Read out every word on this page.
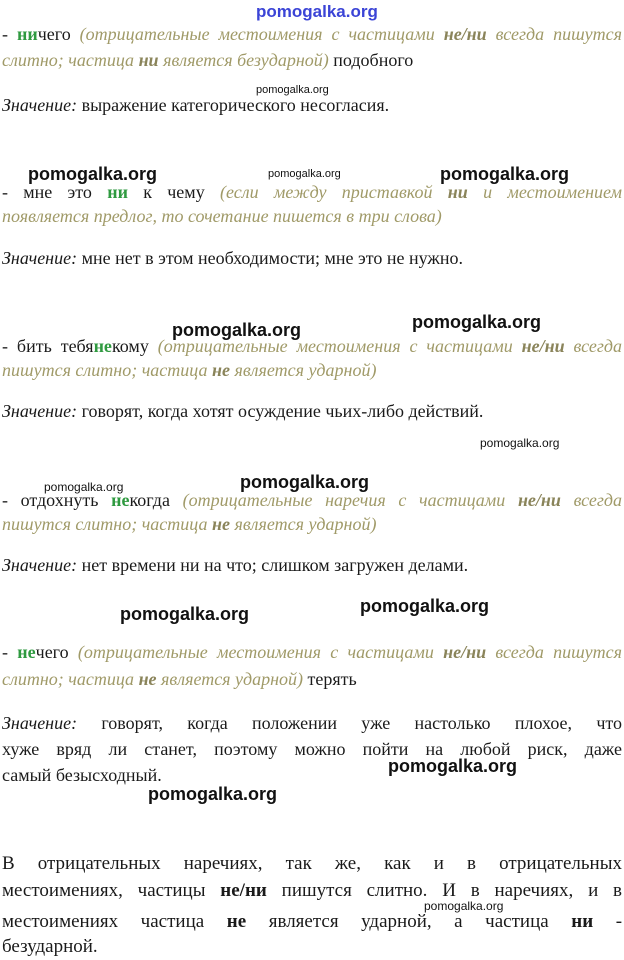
pomogalka.org
- ничего (отрицательные местоимения с частицами не/ни всегда пишутся
слитно; частица ни является безударной) подобного
pomogalka.org
Значение: выражение категорического несогласия.
pomogalka.org	pomogalka.org	pomogalka.org
- мне это ни к чему (если между приставкой ни и местоимением
появляется предлог, то сочетание пишется в три слова)
Значение: мне нет в этом необходимости; мне это не нужно.
pomogalka.org	pomogalka.org
- бить тебянекому (отрицательные местоимения с частицами не/ни всегда
пишутся слитно; частица не является ударной)
Значение: говорят, когда хотят осуждение чьих-либо действий.
pomogalka.org
pomogalka.org	pomogalka.org
- отдохнуть некогда (отрицательные наречия с частицами не/ни всегда
пишутся слитно; частица не является ударной)
Значение: нет времени ни на что; слишком загружен делами.
pomogalka.org	pomogalka.org
- нечего (отрицательные местоимения с частицами не/ни всегда пишутся
слитно; частица не является ударной) терять
Значение: говорят, когда положении уже настолько плохое, что
хуже вряд ли станет, поэтому можно пойти на любой риск, даже
самый безысходный.	pomogalka.org
pomogalka.org
В отрицательных наречиях, так же, как и в отрицательных
местоимениях, частицы не/ни пишутся слитно. И в наречиях, и в
pomogalka.org
местоимениях частица не является ударной, а частица ни -
безударной.
